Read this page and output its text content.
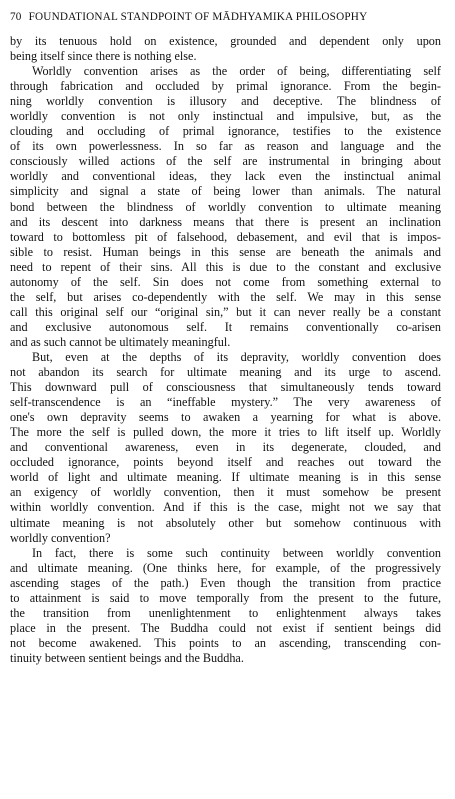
70 FOUNDATIONAL STANDPOINT OF MĀDHYAMIKA PHILOSOPHY
by its tenuous hold on existence, grounded and dependent only upon
being itself since there is nothing else.
Worldly convention arises as the order of being, differentiating self
through fabrication and occluded by primal ignorance. From the begin-
ning worldly convention is illusory and deceptive. The blindness of
worldly convention is not only instinctual and impulsive, but, as the
clouding and occluding of primal ignorance, testifies to the existence
of its own powerlessness. In so far as reason and language and the
consciously willed actions of the self are instrumental in bringing about
worldly and conventional ideas, they lack even the instinctual animal
simplicity and signal a state of being lower than animals. The natural
bond between the blindness of worldly convention to ultimate meaning
and its descent into darkness means that there is present an inclination
toward to bottomless pit of falsehood, debasement, and evil that is impos-
sible to resist. Human beings in this sense are beneath the animals and
need to repent of their sins. All this is due to the constant and exclusive
autonomy of the self. Sin does not come from something external to
the self, but arises co-dependently with the self. We may in this sense
call this original self our “original sin,” but it can never really be a constant
and exclusive autonomous self. It remains conventionally co-arisen
and as such cannot be ultimately meaningful.
But, even at the depths of its depravity, worldly convention does
not abandon its search for ultimate meaning and its urge to ascend.
This downward pull of consciousness that simultaneously tends toward
self-transcendence is an “ineffable mystery.” The very awareness of
one's own depravity seems to awaken a yearning for what is above.
The more the self is pulled down, the more it tries to lift itself up. Worldly
and conventional awareness, even in its degenerate, clouded, and
occluded ignorance, points beyond itself and reaches out toward the
world of light and ultimate meaning. If ultimate meaning is in this sense
an exigency of worldly convention, then it must somehow be present
within worldly convention. And if this is the case, might not we say that
ultimate meaning is not absolutely other but somehow continuous with
worldly convention?
In fact, there is some such continuity between worldly convention
and ultimate meaning. (One thinks here, for example, of the progressively
ascending stages of the path.) Even though the transition from practice
to attainment is said to move temporally from the present to the future,
the transition from unenlightenment to enlightenment always takes
place in the present. The Buddha could not exist if sentient beings did
not become awakened. This points to an ascending, transcending con-
tinuity between sentient beings and the Buddha.
